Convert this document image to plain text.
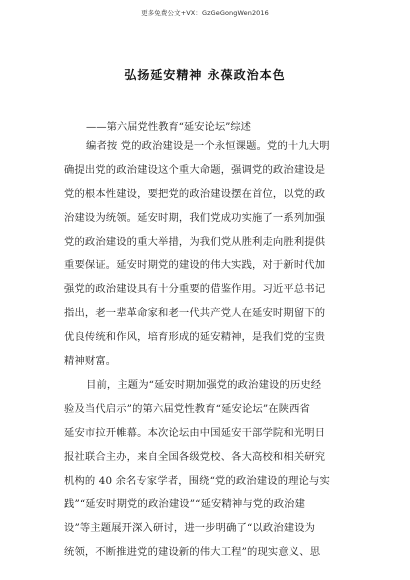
更多免费公文+VX：GzGeGongWen2016
弘扬延安精神 永葆政治本色
——第六届党性教育“延安论坛”综述
编者按 党的政治建设是一个永恒课题。党的十九大明
确提出党的政治建设这个重大命题，强调党的政治建设是
党的根本性建设，要把党的政治建设摆在首位，以党的政
治建设为统领。延安时期，我们党成功实施了一系列加强
党的政治建设的重大举措，为我们党从胜利走向胜利提供
重要保证。延安时期党的建设的伟大实践，对于新时代加
强党的政治建设具有十分重要的借鉴作用。习近平总书记
指出，老一辈革命家和老一代共产党人在延安时期留下的
优良传统和作风，培育形成的延安精神，是我们党的宝贵
精神财富。
目前，主题为“延安时期加强党的政治建设的历史经
验及当代启示”的第六届党性教育“延安论坛”在陕西省
延安市拉开帷幕。本次论坛由中国延安干部学院和光明日
报社联合主办，来自全国各级党校、各大高校和相关研究
机构的 40 余名专家学者，围绕“党的政治建设的理论与实
践”“延安时期党的政治建设”“延安精神与党的政治建
设”等主题展开深入研讨，进一步明确了“以政治建设为
统领，不断推进党的建设新的伟大工程”的现实意义、思
